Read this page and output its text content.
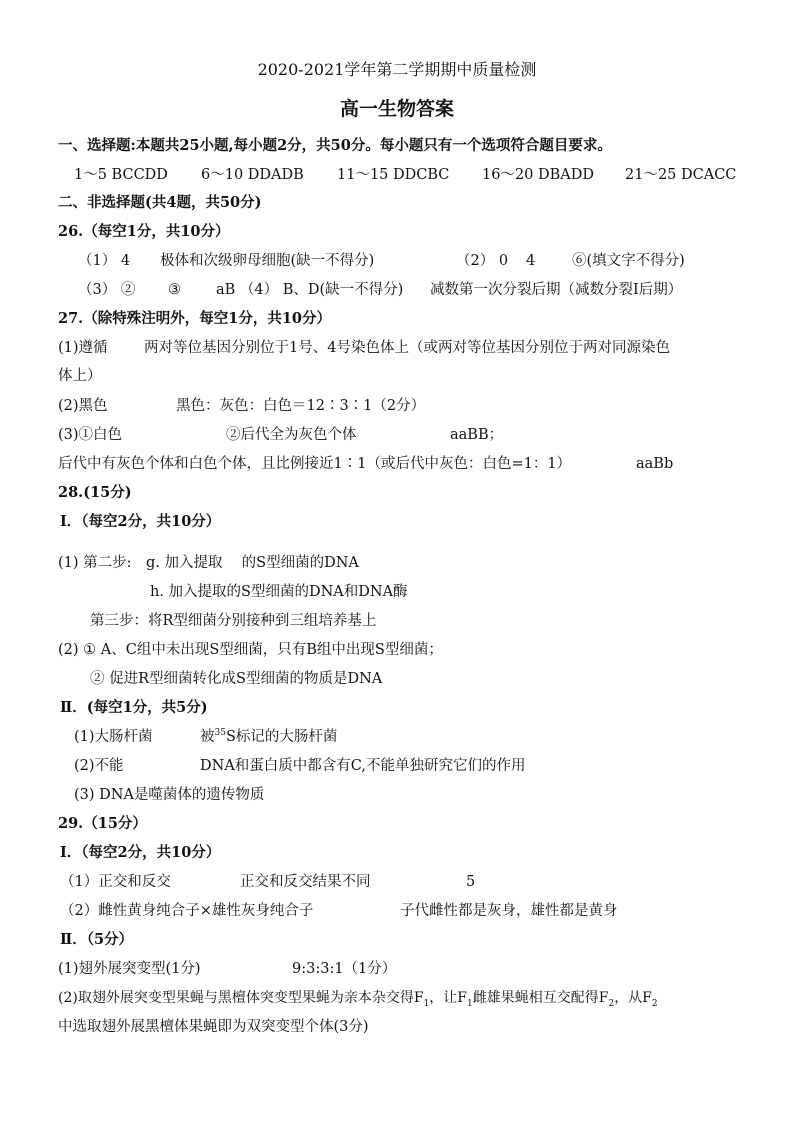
2020-2021学年第二学期期中质量检测
高一生物答案
一、选择题:本题共25小题,每小题2分，共50分。每小题只有一个选项符合题目要求。
1～5 BCCDD 6～10 DDADB 11～15 DDCBC 16～20 DBADD 21～25 DCACC
二、非选择题(共4题，共50分)
26.（每空1分，共10分）
（1） 4 极体和次级卵母细胞(缺一不得分)	（2） 0 4	⑥(填文字不得分)
（3） ② ③ aB （4） B、D(缺一不得分) 减数第一次分裂后期（减数分裂Ⅰ后期）
27.（除特殊注明外，每空1分，共10分）
(1)遵循	两对等位基因分别位于1号、4号染色体上（或两对等位基因分别位于两对同源染色
体上）
(2)黑色	黑色：灰色：白色＝12∶3∶1（2分）
(3)①白色	②后代全为灰色个体	aaBB；
后代中有灰色个体和白色个体，且比例接近1∶1（或后代中灰色：白色=1：1）	aaBb
28.(15分)
Ⅰ．（每空2分，共10分）
(1) 第二步:　g. 加入提取　 的S型细菌的DNA
h. 加入提取的S型细菌的DNA和DNA酶
第三步：将R型细菌分别接种到三组培养基上
(2) ① A、C组中未出现S型细菌，只有B组中出现S型细菌；
② 促进R型细菌转化成S型细菌的物质是DNA
Ⅱ．(每空1分，共5分)
(1)大肠杆菌	被$^{35}$S标记的大肠杆菌
(2)不能	DNA和蛋白质中都含有C,不能单独研究它们的作用
(3) DNA是噬菌体的遗传物质
29.（15分）
Ⅰ．（每空2分，共10分）
（1）正交和反交	正交和反交结果不同	5
（2）雌性黄身纯合子×雄性灰身纯合子	子代雌性都是灰身，雄性都是黄身
Ⅱ．（5分）
(1)翅外展突变型(1分)	9:3:3:1（1分）
(2)取翅外展突变型果蝇与黑檀体突变型果蝇为亲本杂交得$F_1$，让$F_1$雌雄果蝇相互交配得$F_2$，从$F_2$
中选取翅外展黑檀体果蝇即为双突变型个体(3分)
